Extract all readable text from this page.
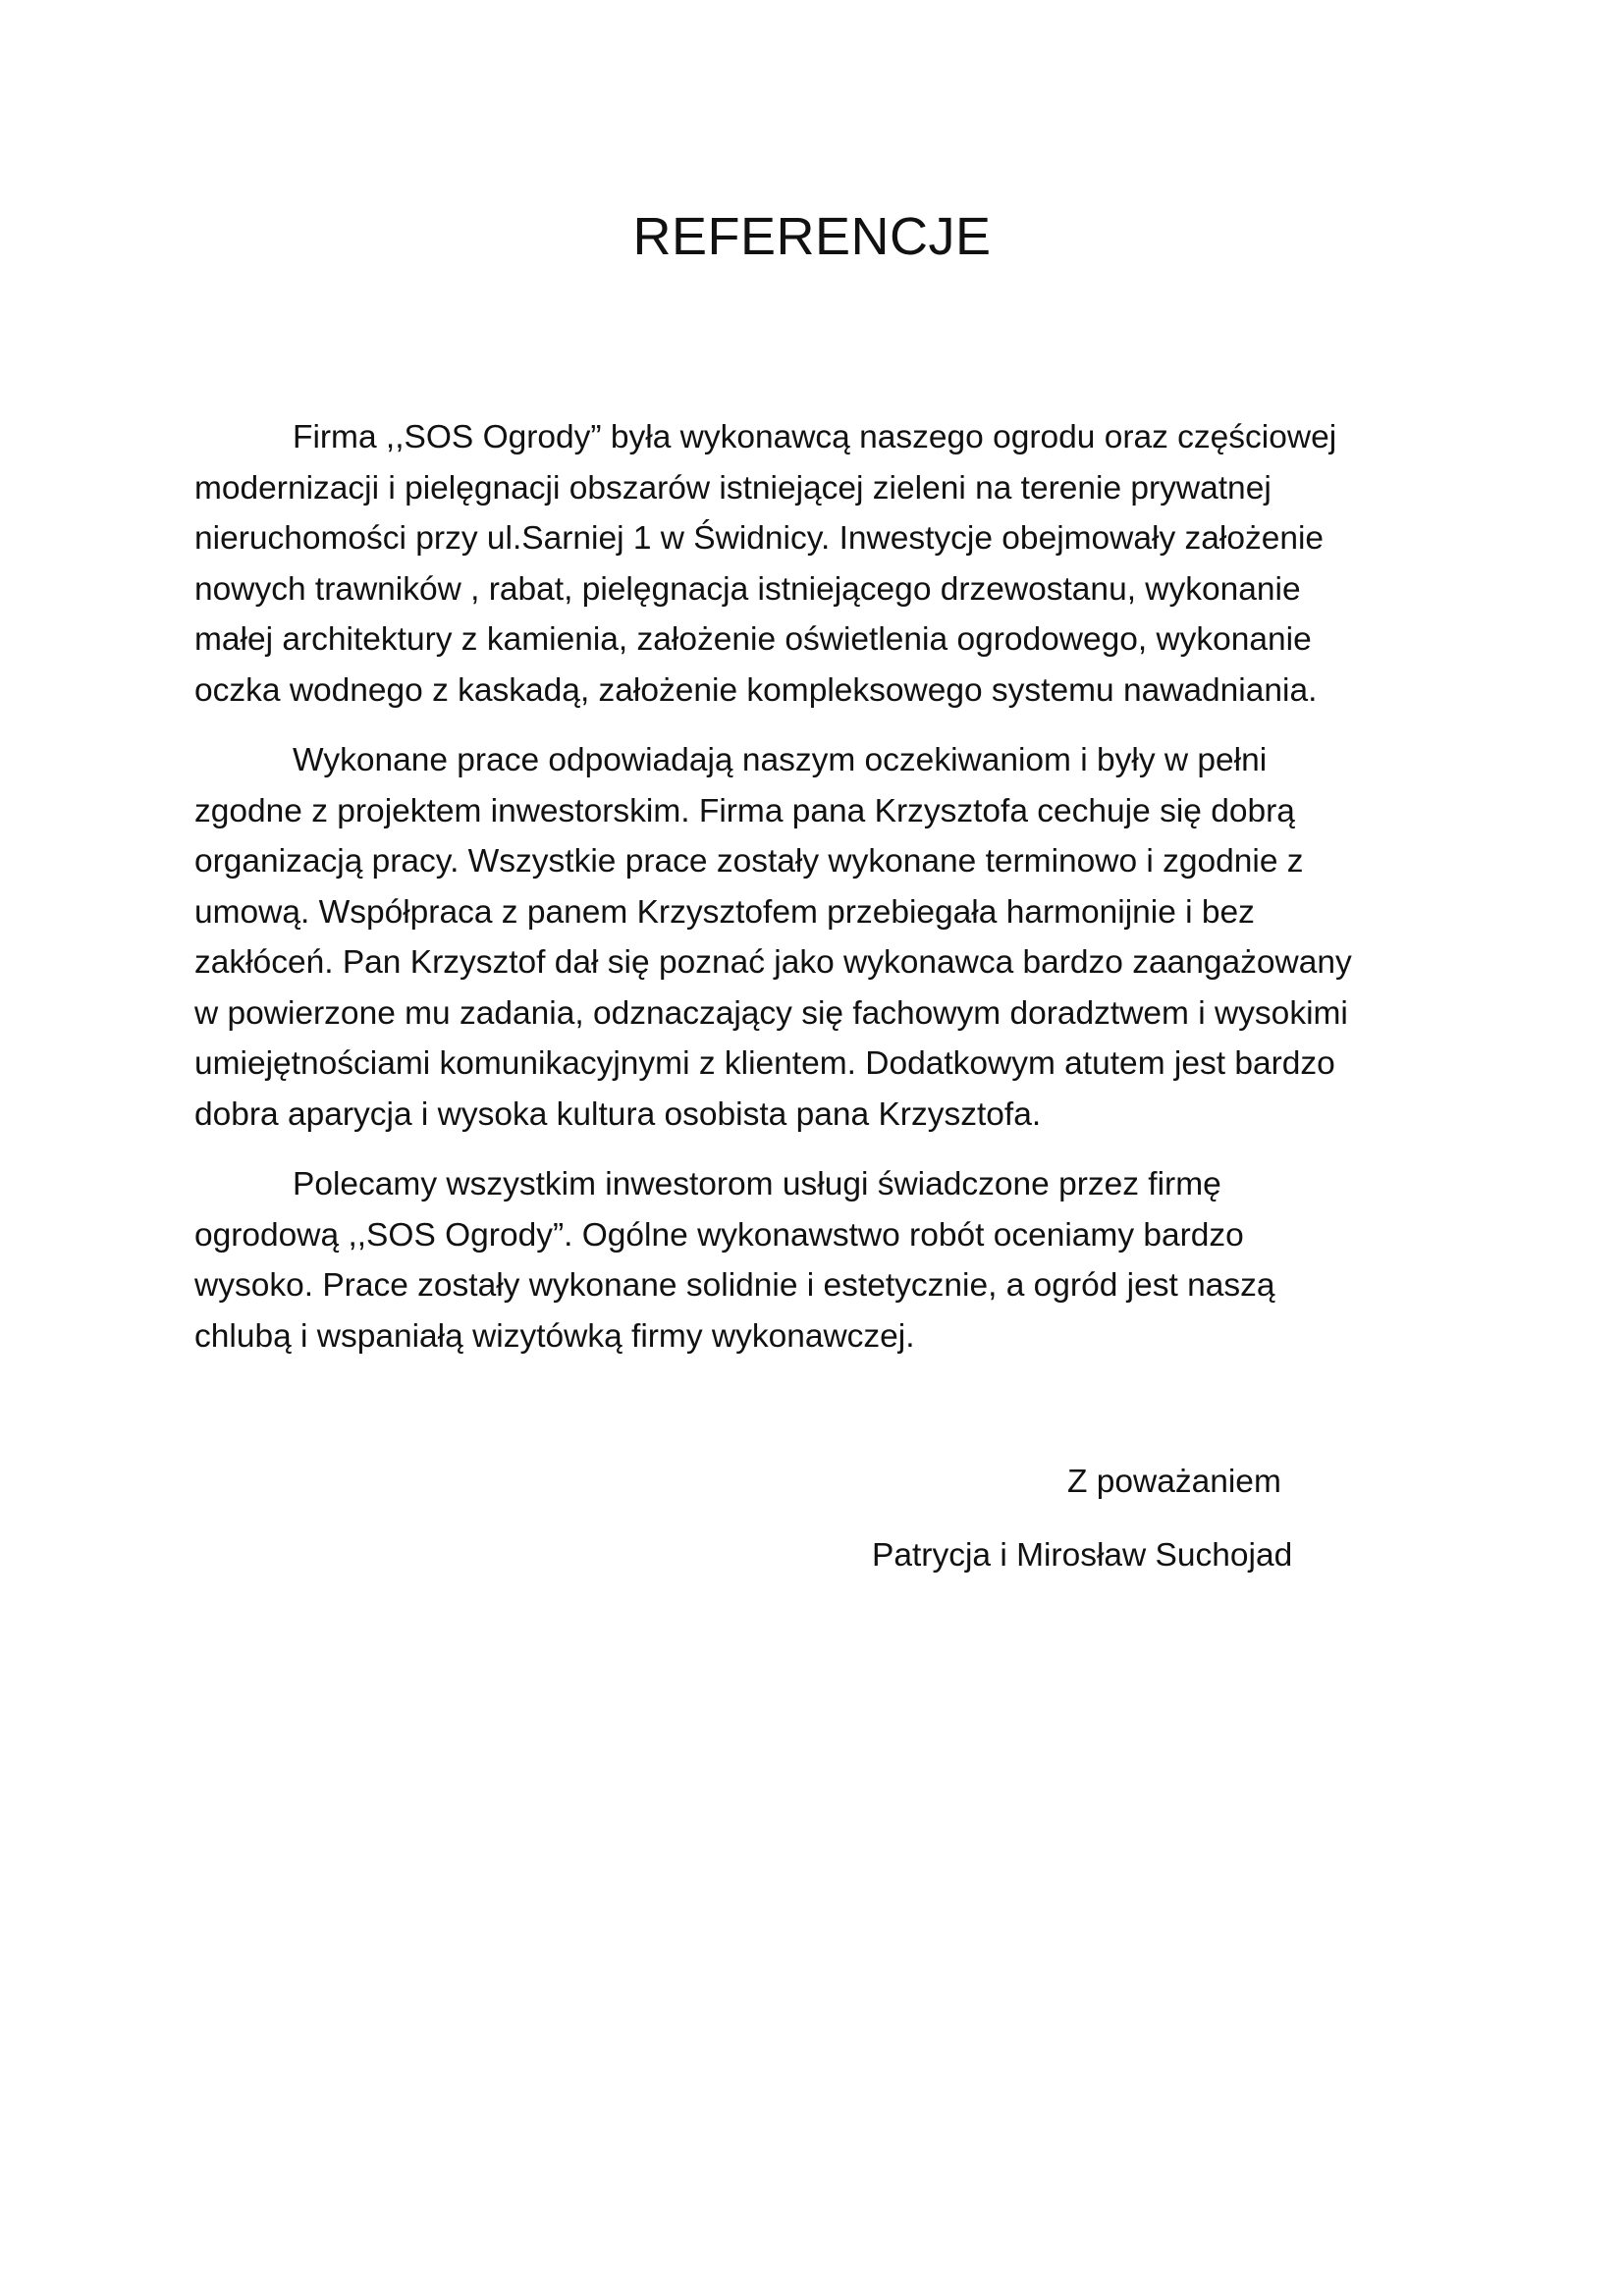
REFERENCJE

Firma ,,SOS Ogrody” była wykonawcą naszego ogrodu oraz częściowej
modernizacji i pielęgnacji obszarów istniejącej zieleni na terenie prywatnej
nieruchomości przy ul.Sarniej 1 w Świdnicy. Inwestycje obejmowały założenie
nowych trawników , rabat, pielęgnacja istniejącego drzewostanu, wykonanie
małej architektury z kamienia, założenie oświetlenia ogrodowego, wykonanie
oczka wodnego z kaskadą, założenie kompleksowego systemu nawadniania.

Wykonane prace odpowiadają naszym oczekiwaniom i były w pełni
zgodne z projektem inwestorskim. Firma pana Krzysztofa cechuje się dobrą
organizacją pracy. Wszystkie prace zostały wykonane terminowo i zgodnie z
umową. Współpraca z panem Krzysztofem przebiegała harmonijnie i bez
zakłóceń. Pan Krzysztof dał się poznać jako wykonawca bardzo zaangażowany
w powierzone mu zadania, odznaczający się fachowym doradztwem i wysokimi
umiejętnościami komunikacyjnymi z klientem. Dodatkowym atutem jest bardzo
dobra aparycja i wysoka kultura osobista pana Krzysztofa.

Polecamy wszystkim inwestorom usługi świadczone przez firmę
ogrodową ,,SOS Ogrody”. Ogólne wykonawstwo robót oceniamy bardzo
wysoko. Prace zostały wykonane solidnie i estetycznie, a ogród jest naszą
chlubą i wspaniałą wizytówką firmy wykonawczej.

Z poważaniem
Patrycja i Mirosław Suchojad
